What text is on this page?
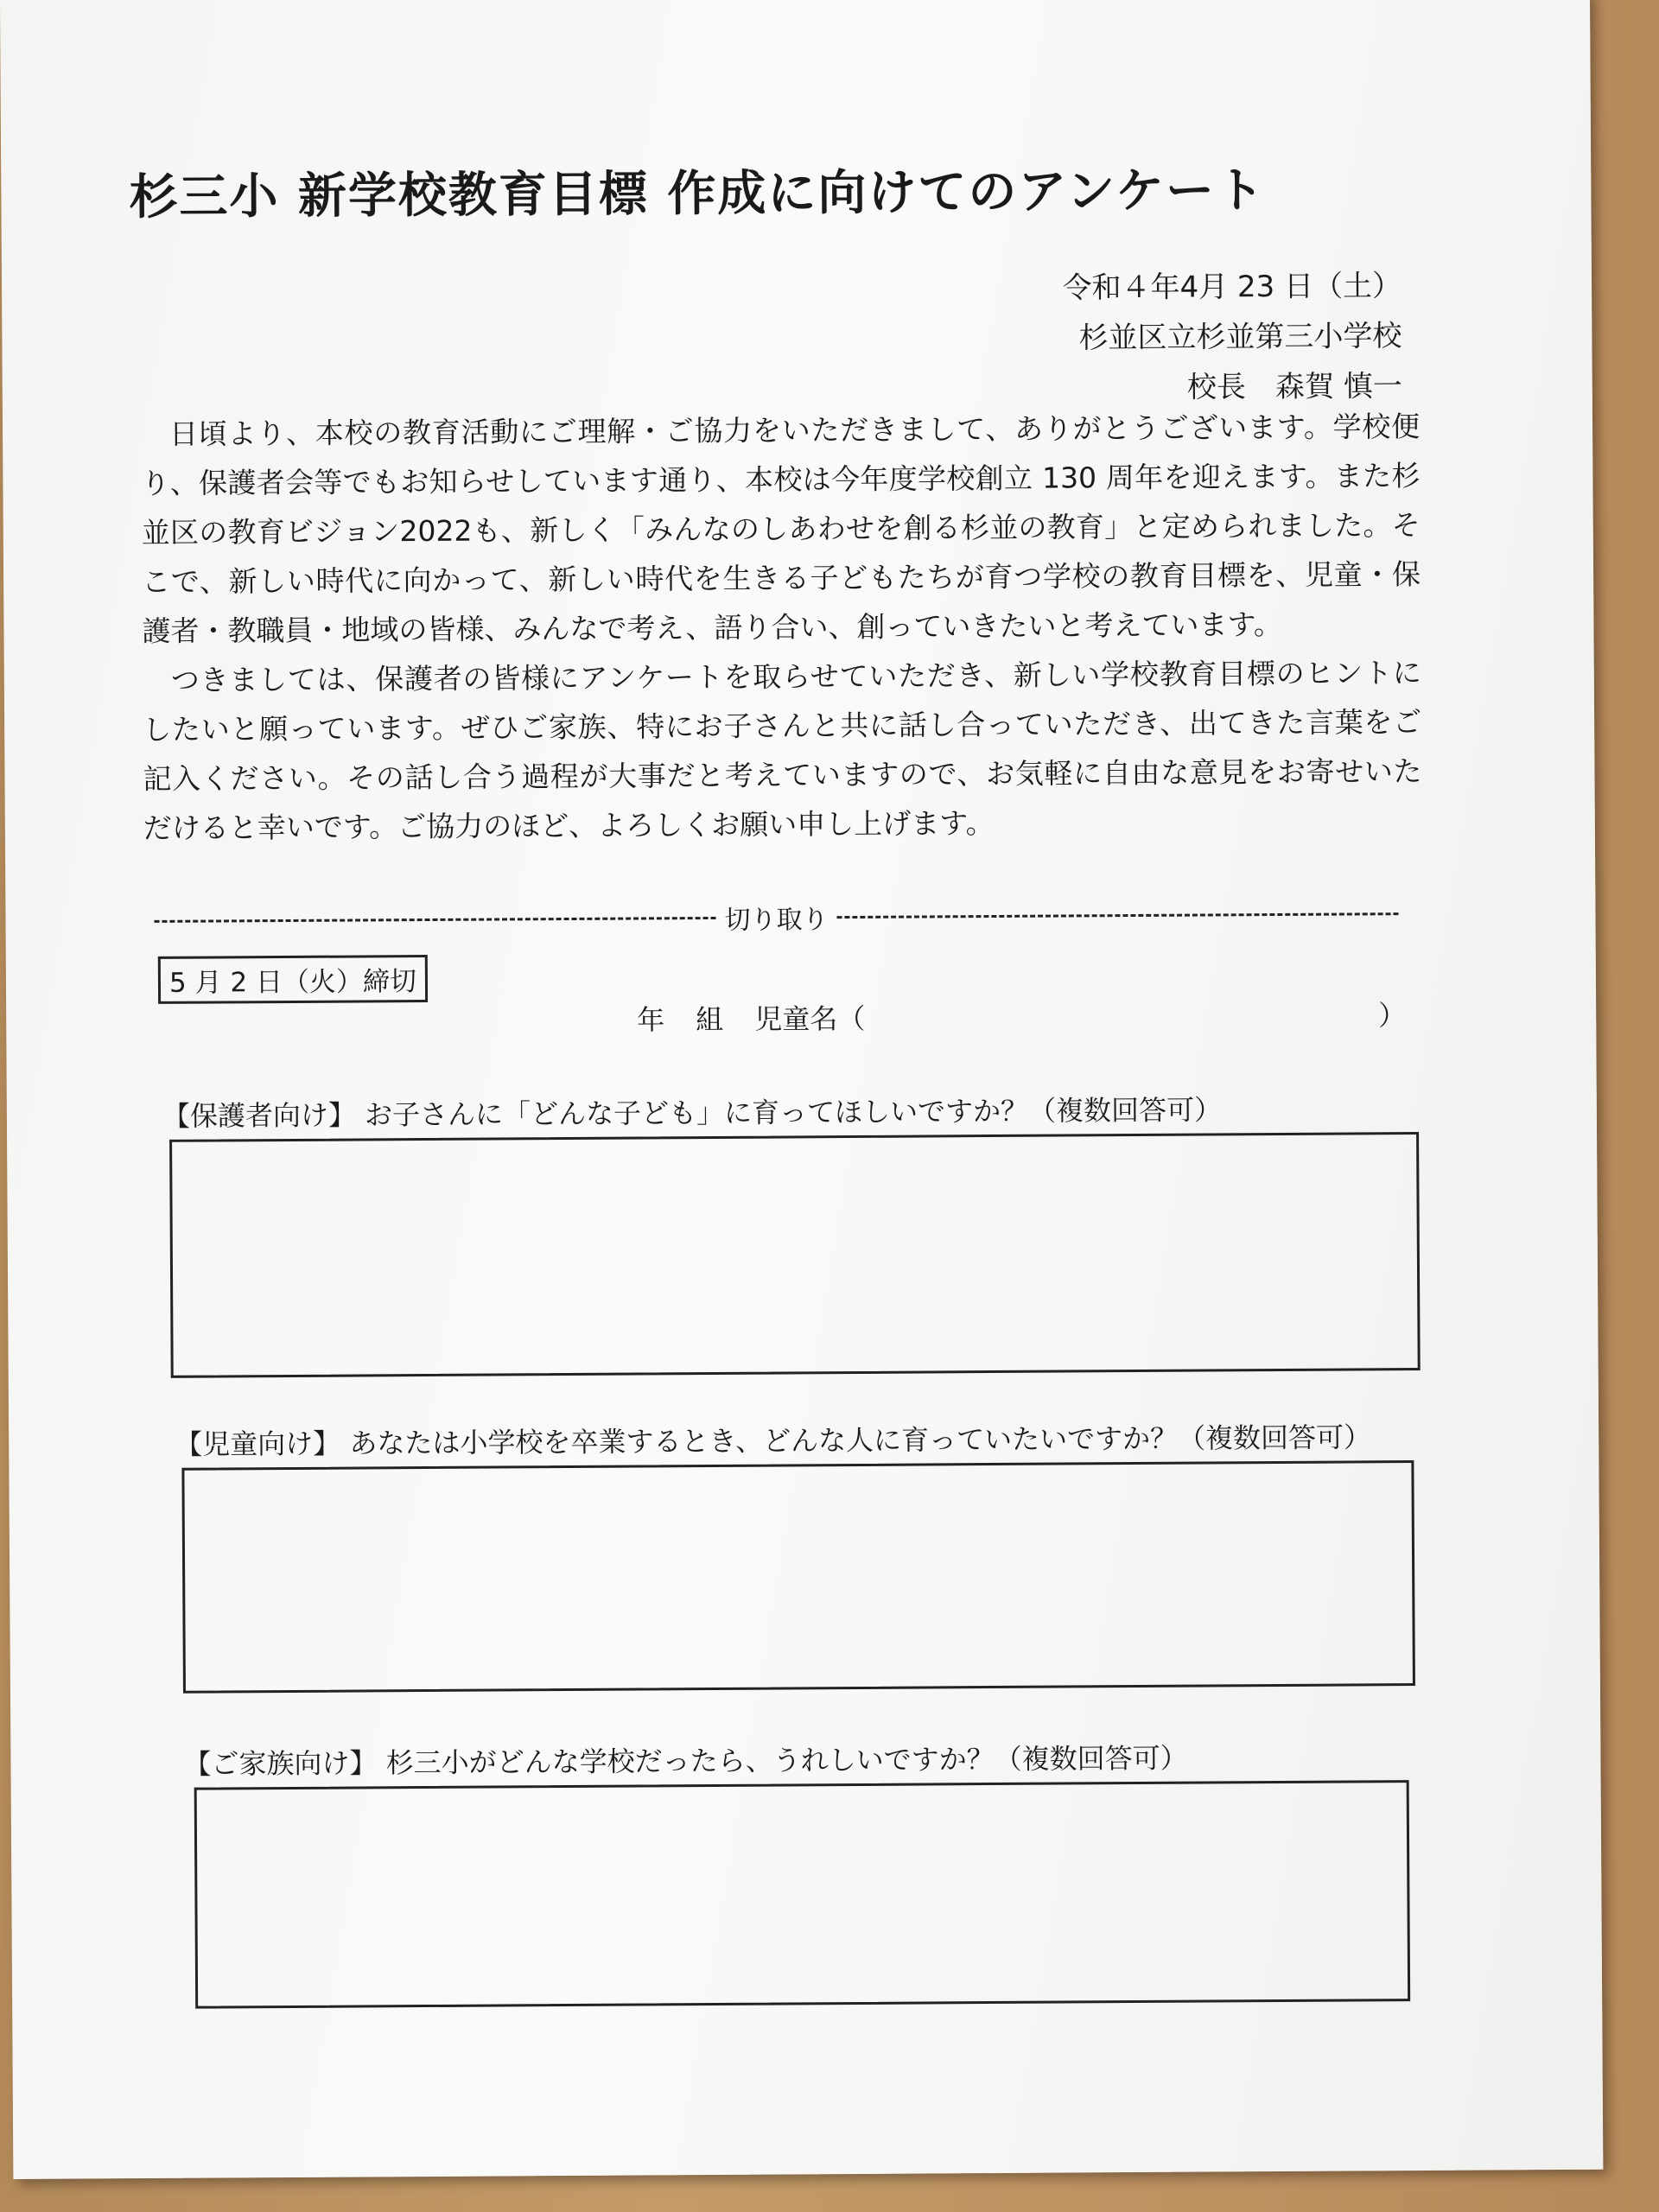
杉三小 新学校教育目標 作成に向けてのアンケート
令和４年4月 23 日（土）
杉並区立杉並第三小学校
校長　森賀 慎一

日頃より、本校の教育活動にご理解・ご協力をいただきまして、ありがとうございます。学校便り、保護者会等でもお知らせしています通り、本校は今年度学校創立 130 周年を迎えます。また杉並区の教育ビジョン2022も、新しく「みんなのしあわせを創る杉並の教育」と定められました。そこで、新しい時代に向かって、新しい時代を生きる子どもたちが育つ学校の教育目標を、児童・保護者・教職員・地域の皆様、みんなで考え、語り合い、創っていきたいと考えています。

つきましては、保護者の皆様にアンケートを取らせていただき、新しい学校教育目標のヒントにしたいと願っています。ぜひご家族、特にお子さんと共に話し合っていただき、出てきた言葉をご記入ください。その話し合う過程が大事だと考えていますので、お気軽に自由な意見をお寄せいただけると幸いです。ご協力のほど、よろしくお願い申し上げます。

切り取り
5 月 2 日（火）締切
年 組 児童名（	）
【保護者向け】 お子さんに「どんな子ども」に育ってほしいですか？（複数回答可）
【児童向け】 あなたは小学校を卒業するとき、どんな人に育っていたいですか？（複数回答可）
【ご家族向け】 杉三小がどんな学校だったら、うれしいですか？（複数回答可）
